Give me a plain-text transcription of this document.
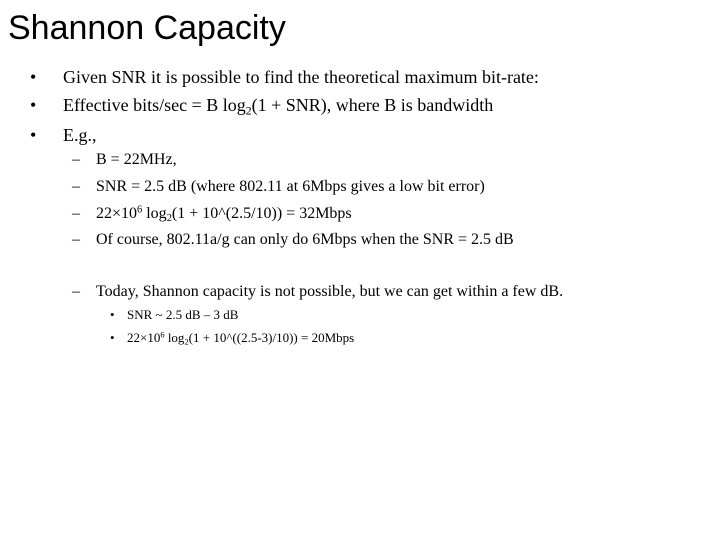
Shannon Capacity
• Given SNR it is possible to find the theoretical maximum bit-rate:
• Effective bits/sec = B $\log_2(1 + SNR)$, where B is bandwidth
• E.g.,
– B = 22MHz,
– SNR = 2.5 dB (where 802.11 at 6Mbps gives a low bit error)
– $22\times 10^6$ $\log_2(1$ + 10^(2.5/10)) = 32Mbps
– Of course, 802.11a/g can only do 6Mbps when the SNR = 2.5 dB
– Today, Shannon capacity is not possible, but we can get within a few dB.
• SNR ~ 2.5 dB – 3 dB
• $22\times 10^6$ $\log_2(1$ + 10^((2.5-3)/10)) = 20Mbps
